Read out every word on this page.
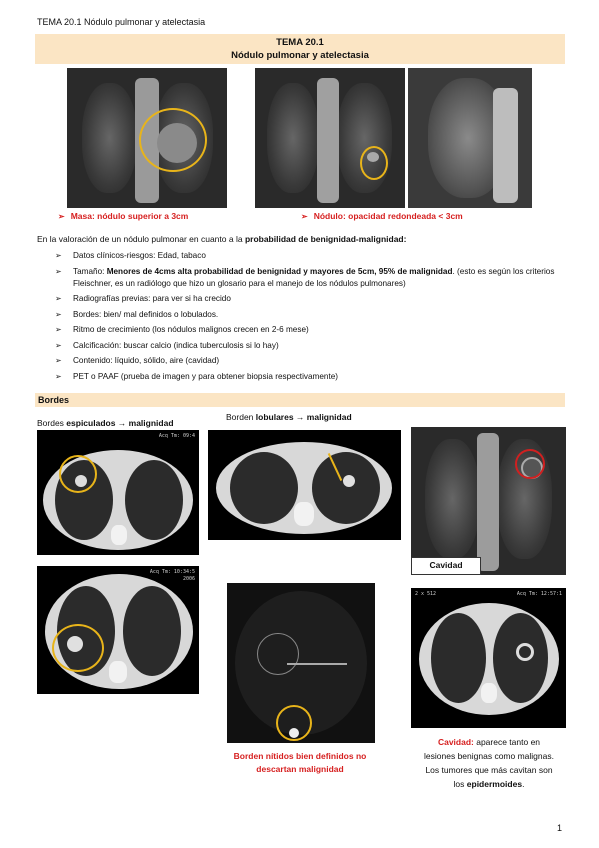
TEMA 20.1 Nódulo pulmonar y atelectasia
TEMA 20.1
Nódulo pulmonar y atelectasia
➢ Masa: nódulo superior a 3cm	➢ Nódulo: opacidad redondeada < 3cm
En la valoración de un nódulo pulmonar en cuanto a la probabilidad de benignidad-malignidad:
➢ Datos clínicos-riesgos: Edad, tabaco
➢ Tamaño: Menores de 4cms alta probabilidad de benignidad y mayores de 5cm, 95% de malignidad. (esto es según los criterios Fleischner, es un radiólogo que hizo un glosario para el manejo de los nódulos pulmonares)
➢ Radiografías previas: para ver si ha crecido
➢ Bordes: bien/ mal definidos o lobulados.
➢ Ritmo de crecimiento (los nódulos malignos crecen en 2-6 mese)
➢ Calcificación: buscar calcio (indica tuberculosis si lo hay)
➢ Contenido: líquido, sólido, aire (cavidad)
➢ PET o PAAF (prueba de imagen y para obtener biopsia respectivamente)
Bordes
Bordes espiculados → malignidad
Borden lobulares → malignidad
Acq Tm: 09:4
Cavidad
Acq Tm: 10:34:5
2006
2 x 512	Acq Tm: 12:57:1
Borden nítidos bien definidos no
descartan malignidad
Cavidad: aparece tanto en
lesiones benignas como malignas.
Los tumores que más cavitan son
los epidermoides.
1
